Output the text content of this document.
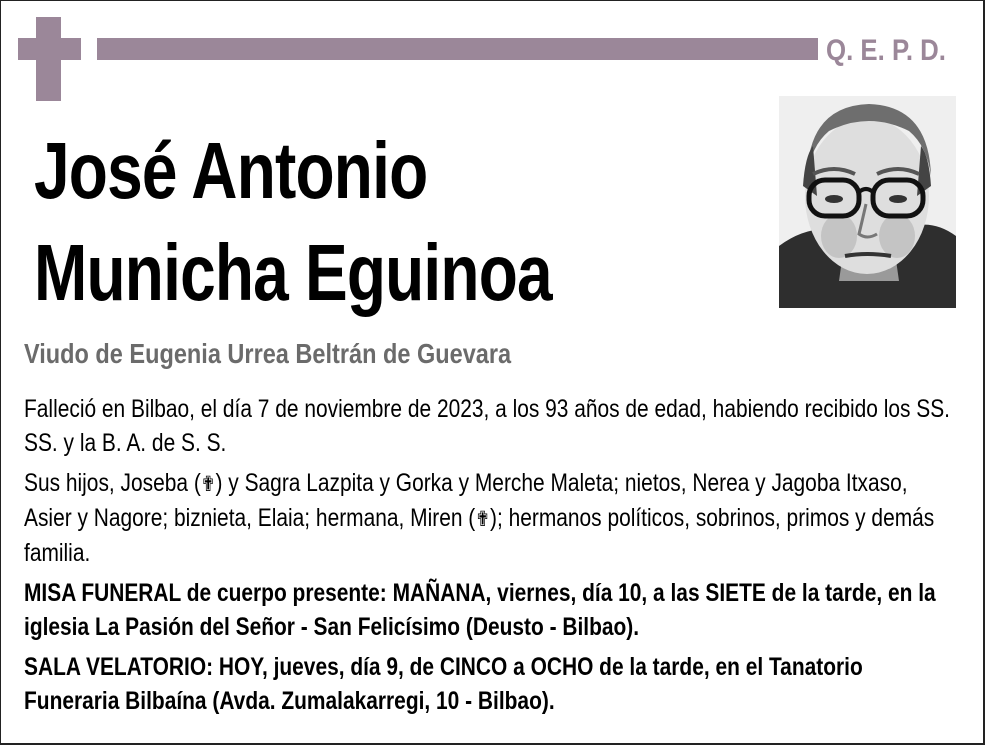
Q. E. P. D.
José Antonio
Municha Eguinoa
Viudo de Eugenia Urrea Beltrán de Guevara

Falleció en Bilbao, el día 7 de noviembre de 2023, a los 93 años de edad, habiendo recibido los SS. SS. y la B. A. de S. S.

Sus hijos, Joseba (✟) y Sagra Lazpita y Gorka y Merche Maleta; nietos, Nerea y Jagoba Itxaso, Asier y Nagore; biznieta, Elaia; hermana, Miren (✟); hermanos políticos, sobrinos, primos y demás familia.

MISA FUNERAL de cuerpo presente: MAÑANA, viernes, día 10, a las SIETE de la tarde, en la iglesia La Pasión del Señor - San Felicísimo (Deusto - Bilbao).

SALA VELATORIO: HOY, jueves, día 9, de CINCO a OCHO de la tarde, en el Tanatorio Funeraria Bilbaína (Avda. Zumalakarregi, 10 - Bilbao).
